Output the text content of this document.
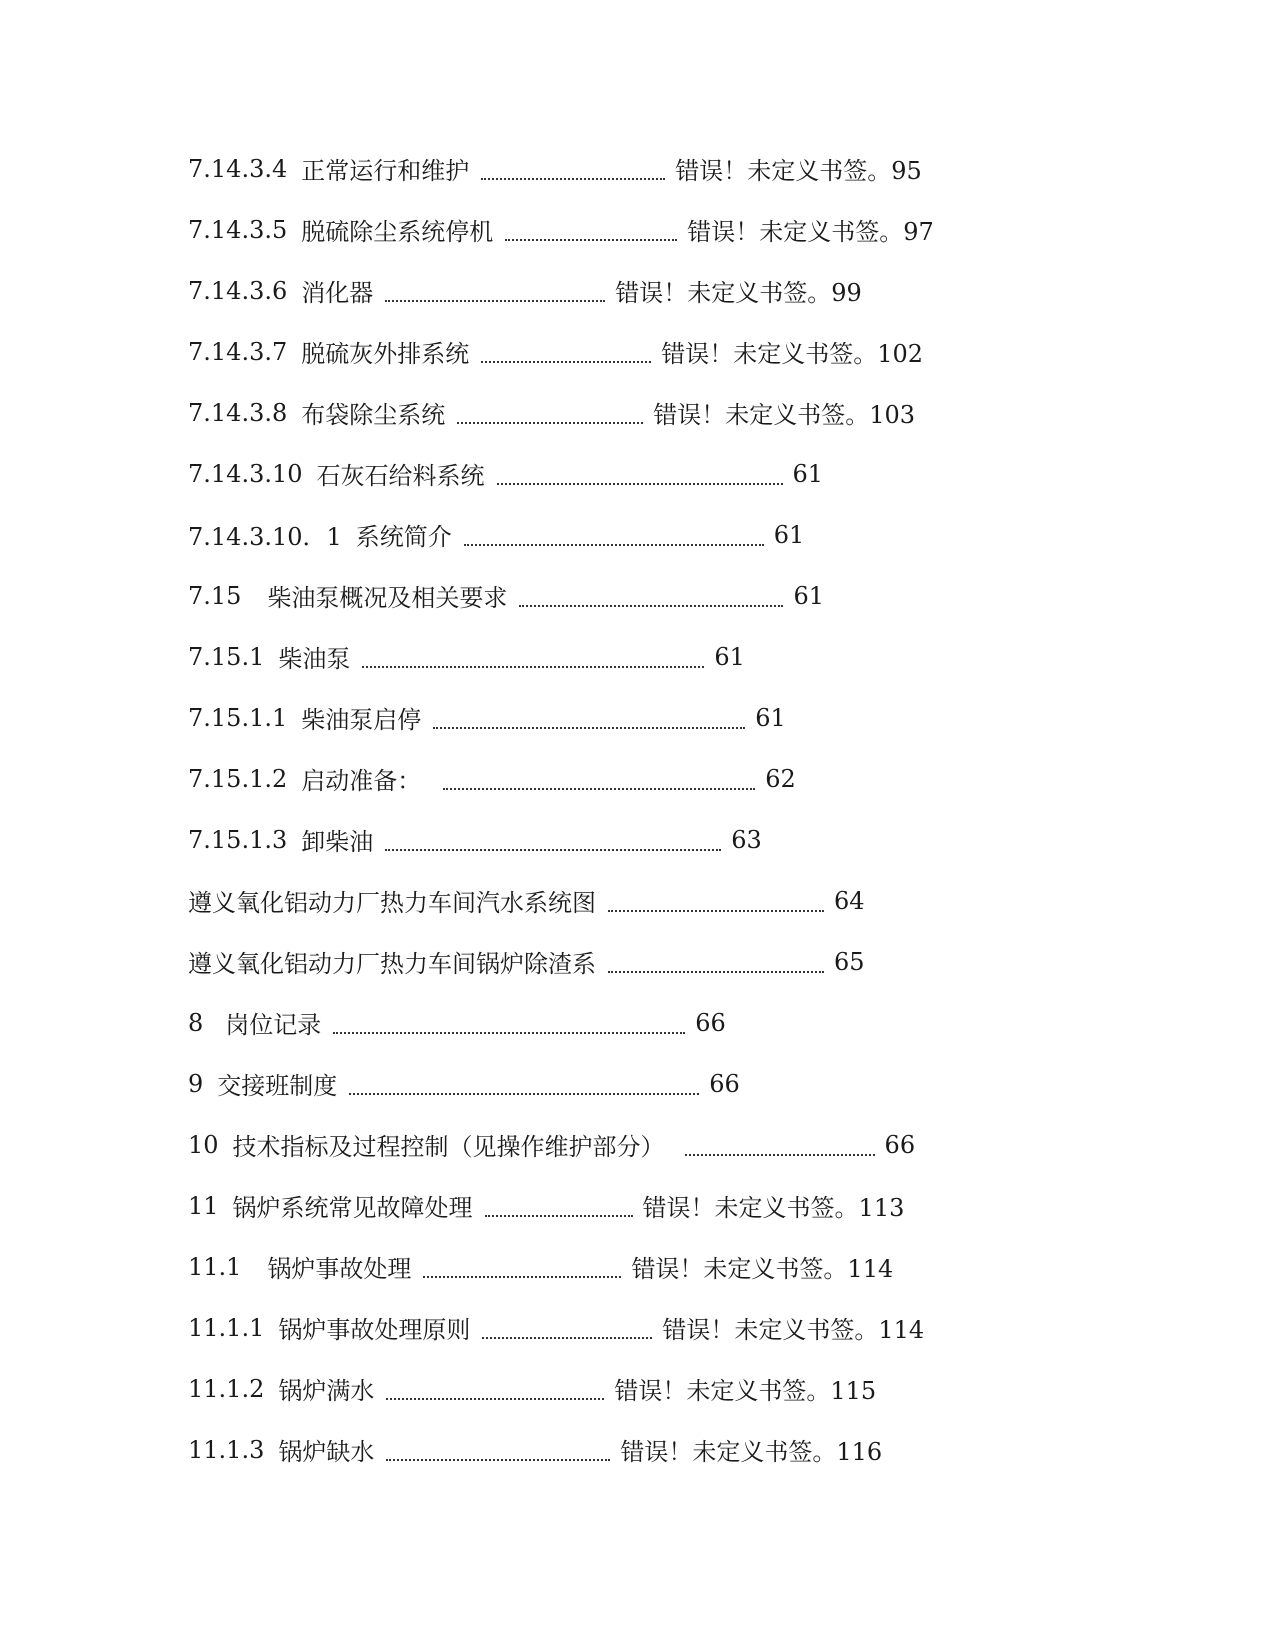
7.14.3.4 正常运行和维护	错误！未定义书签。95
7.14.3.5 脱硫除尘系统停机	错误！未定义书签。97
7.14.3.6 消化器	错误！未定义书签。99
7.14.3.7 脱硫灰外排系统	错误！未定义书签。102
7.14.3.8 布袋除尘系统	错误！未定义书签。103
7.14.3.10 石灰石给料系统	61
7.14.3.10．1 系统简介	61
7.15 柴油泵概况及相关要求	61
7.15.1 柴油泵	61
7.15.1.1 柴油泵启停	61
7.15.1.2 启动准备：	62
7.15.1.3 卸柴油	63
遵义氧化铝动力厂热力车间汽水系统图	64
遵义氧化铝动力厂热力车间锅炉除渣系	65
8 岗位记录	66
9 交接班制度	66
10 技术指标及过程控制（见操作维护部分）	66
11 锅炉系统常见故障处理	错误！未定义书签。113
11.1 锅炉事故处理	错误！未定义书签。114
11.1.1 锅炉事故处理原则	错误！未定义书签。114
11.1.2 锅炉满水	错误！未定义书签。115
11.1.3 锅炉缺水	错误！未定义书签。116
